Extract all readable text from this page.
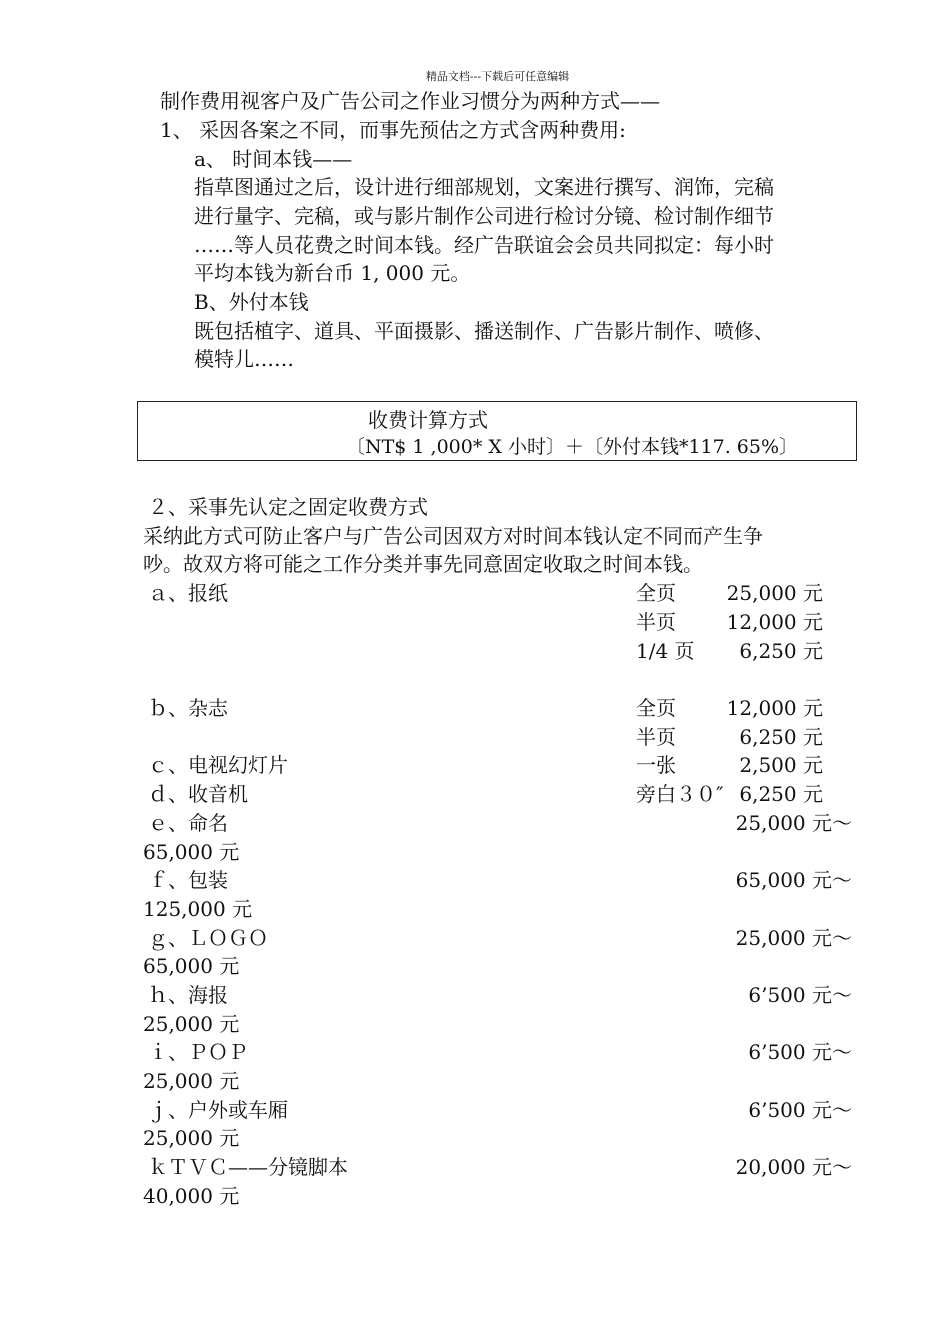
精品文档---下载后可任意编辑
制作费用视客户及广告公司之作业习惯分为两种方式——
1、 采因各案之不同，而事先预估之方式含两种费用:
a、 时间本钱——
指草图通过之后，设计进行细部规划，文案进行撰写、润饰，完稿
进行量字、完稿，或与影片制作公司进行检讨分镜、检讨制作细节
……等人员花费之时间本钱。经广告联谊会会员共同拟定：每小时
平均本钱为新台币 1, 000 元。
B、外付本钱
既包括植字、道具、平面摄影、播送制作、广告影片制作、喷修、
模特儿……
收费计算方式
〔NT$ 1 ,000* X 小时〕＋〔外付本钱*117. 65%〕
２、采事先认定之固定收费方式
采纳此方式可防止客户与广告公司因双方对时间本钱认定不同而产生争
吵。故双方将可能之工作分类并事先同意固定收取之时间本钱。
ａ、报纸	全页	25,000 元
半页	12,000 元
1/4 页	6,250 元
ｂ、杂志	全页	12,000 元
半页	6,250 元
ｃ、电视幻灯片	一张	2,500 元
ｄ、收音机	旁白３０″ 6,250 元
ｅ、命名	25,000 元～
65,000 元
ｆ、包装	65,000 元～
125,000 元
ｇ、ＬＯＧＯ	25,000 元～
65,000 元
ｈ、海报	6’500 元～
25,000 元
ｉ、ＰＯＰ	6’500 元～
25,000 元
ｊ、户外或车厢	6’500 元～
25,000 元
ｋＴＶＣ——分镜脚本	20,000 元～
40,000 元
